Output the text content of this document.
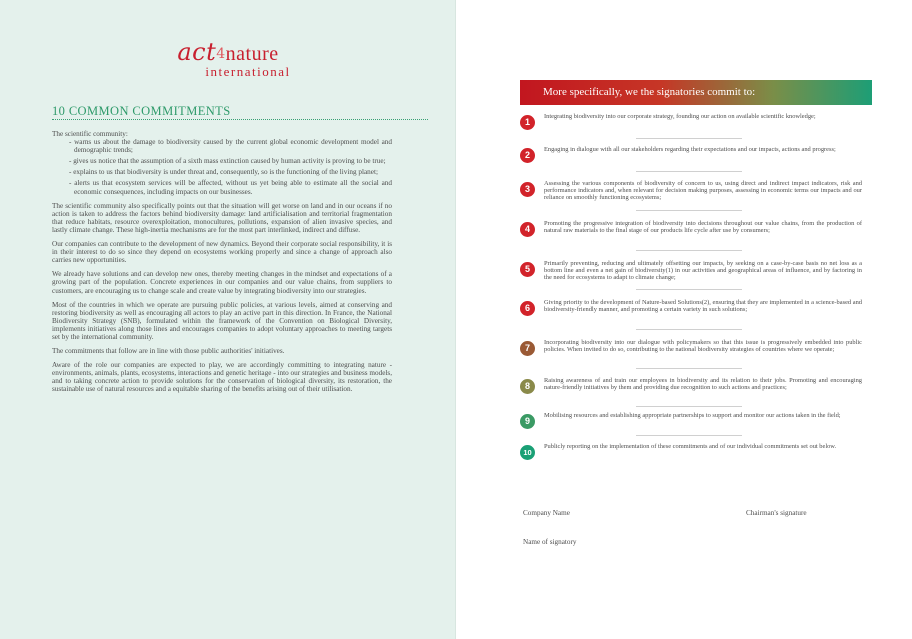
act4nature
international
10 COMMON COMMITMENTS

The scientific community:

- warns us about the damage to biodiversity caused by the current global economic development model and demographic trends;
- gives us notice that the assumption of a sixth mass extinction caused by human activity is proving to be true;
- explains to us that biodiversity is under threat and, consequently, so is the functioning of the living planet;
- alerts us that ecosystem services will be affected, without us yet being able to estimate all the social and economic consequences, including impacts on our businesses.

The scientific community also specifically points out that the situation will get worse on land and in our oceans if no action is taken to address the factors behind biodiversity damage: land artificialisation and territorial fragmentation that reduce habitats, resource overexploitation, monocultures, pollutions, expansion of alien invasive species, and lastly climate change. These high-inertia mechanisms are for the most part interlinked, indirect and diffuse.

Our companies can contribute to the development of new dynamics. Beyond their corporate social responsibility, it is in their interest to do so since they depend on ecosystems working properly and since a change of approach also carries new opportunities.

We already have solutions and can develop new ones, thereby meeting changes in the mindset and expectations of a growing part of the population. Concrete experiences in our companies and our value chains, from suppliers to customers, are encouraging us to change scale and create value by integrating biodiversity into our strategies.

Most of the countries in which we operate are pursuing public policies, at various levels, aimed at conserving and restoring biodiversity as well as encouraging all actors to play an active part in this direction. In France, the National Biodiversity Strategy (SNB), formulated within the framework of the Convention on Biological Diversity, implements initiatives along those lines and encourages companies to adopt voluntary approaches to meeting targets set by the international community.

The commitments that follow are in line with those public authorities' initiatives.

Aware of the role our companies are expected to play, we are accordingly committing to integrating nature - environments, animals, plants, ecosystems, interactions and genetic heritage - into our strategies and business models, and to taking concrete action to provide solutions for the conservation of biological diversity, its restoration, the sustainable use of natural resources and a equitable sharing of the benefits arising out of their utilisation.

More specifically, we the signatories commit to:
1
Integrating biodiversity into our corporate strategy, founding our action on available scientific knowledge;
2
Engaging in dialogue with all our stakeholders regarding their expectations and our impacts, actions and progress;
3
Assessing the various components of biodiversity of concern to us, using direct and indirect impact indicators, risk and performance indicators and, when relevant for decision making purposes, assessing in economic terms our impacts and our reliance on smoothly functioning ecosystems;
4
Promoting the progressive integration of biodiversity into decisions throughout our value chains, from the production of natural raw materials to the final stage of our products life cycle after use by consumers;
5
Primarily preventing, reducing and ultimately offsetting our impacts, by seeking on a case-by-case basis no net loss as a bottom line and even a net gain of biodiversity(1) in our activities and geographical areas of influence, and by factoring in the need for ecosystems to adapt to climate change;
6
Giving priority to the development of Nature-based Solutions(2), ensuring that they are implemented in a science-based and biodiversity-friendly manner, and promoting a certain variety in such solutions;
7
Incorporating biodiversity into our dialogue with policymakers so that this issue is progressively embedded into public policies. When invited to do so, contributing to the national biodiversity strategies of countries where we operate;
8
Raising awareness of and train our employees in biodiversity and its relation to their jobs. Promoting and encouraging nature-friendly initiatives by them and providing due recognition to such actions and practices;
9
Mobilising resources and establishing appropriate partnerships to support and monitor our actions taken in the field;
10
Publicly reporting on the implementation of these commitments and of our individual commitments set out below.
Company Name	Chairman's signature
Name of signatory
